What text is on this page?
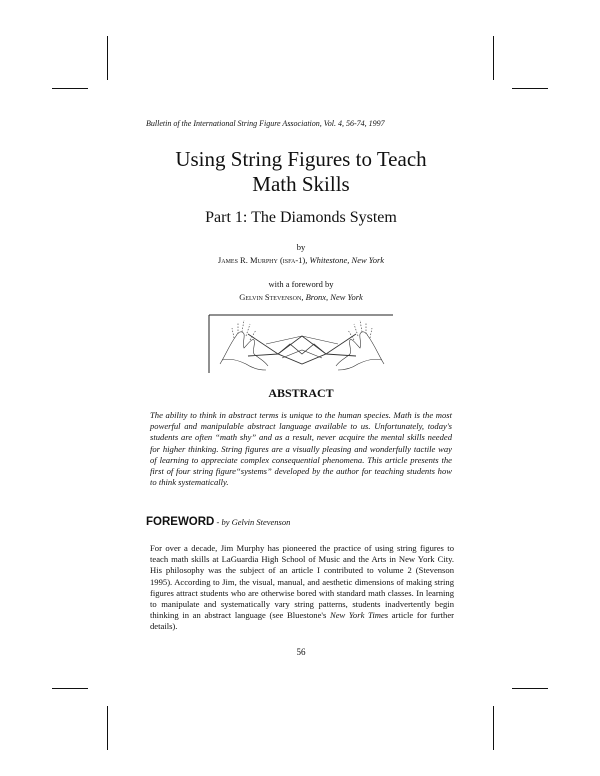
Bulletin of the International String Figure Association, Vol. 4, 56-74, 1997
Using String Figures to Teach
Math Skills
Part 1: The Diamonds System
by
James R. Murphy (isfa-1), Whitestone, New York
with a foreword by
Gelvin Stevenson, Bronx, New York
ABSTRACT
The ability to think in abstract terms is unique to the human species. Math is the most powerful and manipulable abstract language available to us. Unfortunately, today's students are often “math shy” and as a result, never acquire the mental skills needed for higher thinking. String figures are a visually pleasing and wonderfully tactile way of learning to appreciate complex consequential phenomena. This article presents the first of four string figure“systems” developed by the author for teaching students how to think systematically.
FOREWORD - by Gelvin Stevenson
For over a decade, Jim Murphy has pioneered the practice of using string figures to teach math skills at LaGuardia High School of Music and the Arts in New York City. His philosophy was the subject of an article I contributed to volume 2 (Stevenson 1995). According to Jim, the visual, manual, and aesthetic dimensions of making string figures attract students who are otherwise bored with standard math classes. In learning to manipulate and systematically vary string patterns, students inadvertently begin thinking in an abstract language (see Bluestone's New York Times article for further details).
56
